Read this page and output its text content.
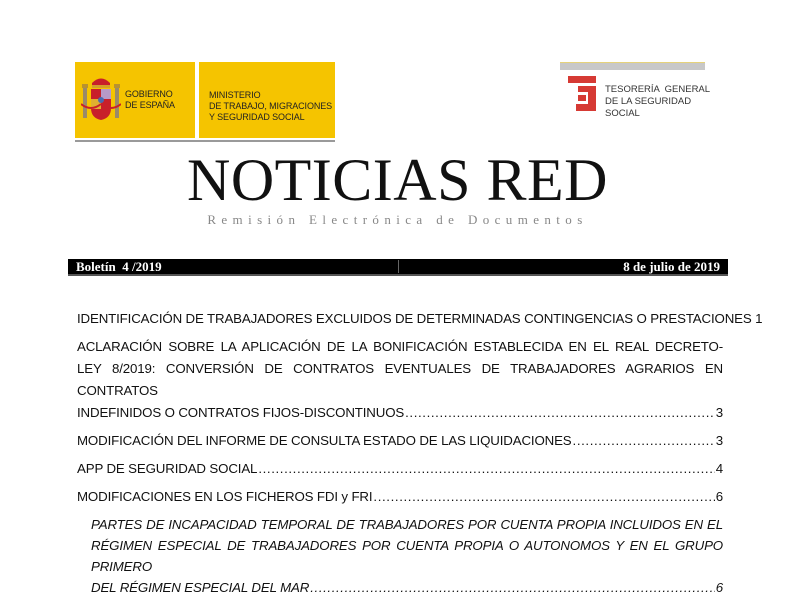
GOBIERNO
DE ESPAÑA
MINISTERIO
DE TRABAJO, MIGRACIONES
Y SEGURIDAD SOCIAL
TESORERÍA  GENERAL
DE LA SEGURIDAD SOCIAL
NOTICIAS RED
Remisión Electrónica de Documentos
Boletín  4 /2019	8 de julio de 2019
IDENTIFICACIÓN DE TRABAJADORES EXCLUIDOS DE DETERMINADAS CONTINGENCIAS O PRESTACIONES 1
ACLARACIÓN SOBRE LA APLICACIÓN DE LA BONIFICACIÓN ESTABLECIDA EN EL REAL DECRETO-LEY 8/2019: CONVERSIÓN DE CONTRATOS EVENTUALES DE TRABAJADORES AGRARIOS EN CONTRATOS
INDEFINIDOS O CONTRATOS FIJOS-DISCONTINUOS .....	3
MODIFICACIÓN DEL INFORME DE CONSULTA ESTADO DE LAS LIQUIDACIONES .....	3
APP DE SEGURIDAD SOCIAL .....	4
MODIFICACIONES EN LOS FICHEROS FDI y FRI .....	6
PARTES DE INCAPACIDAD TEMPORAL DE TRABAJADORES POR CUENTA PROPIA INCLUIDOS EN EL RÉGIMEN ESPECIAL DE TRABAJADORES POR CUENTA PROPIA O AUTONOMOS Y EN EL GRUPO PRIMERO
DEL RÉGIMEN ESPECIAL DEL MAR .....	6
